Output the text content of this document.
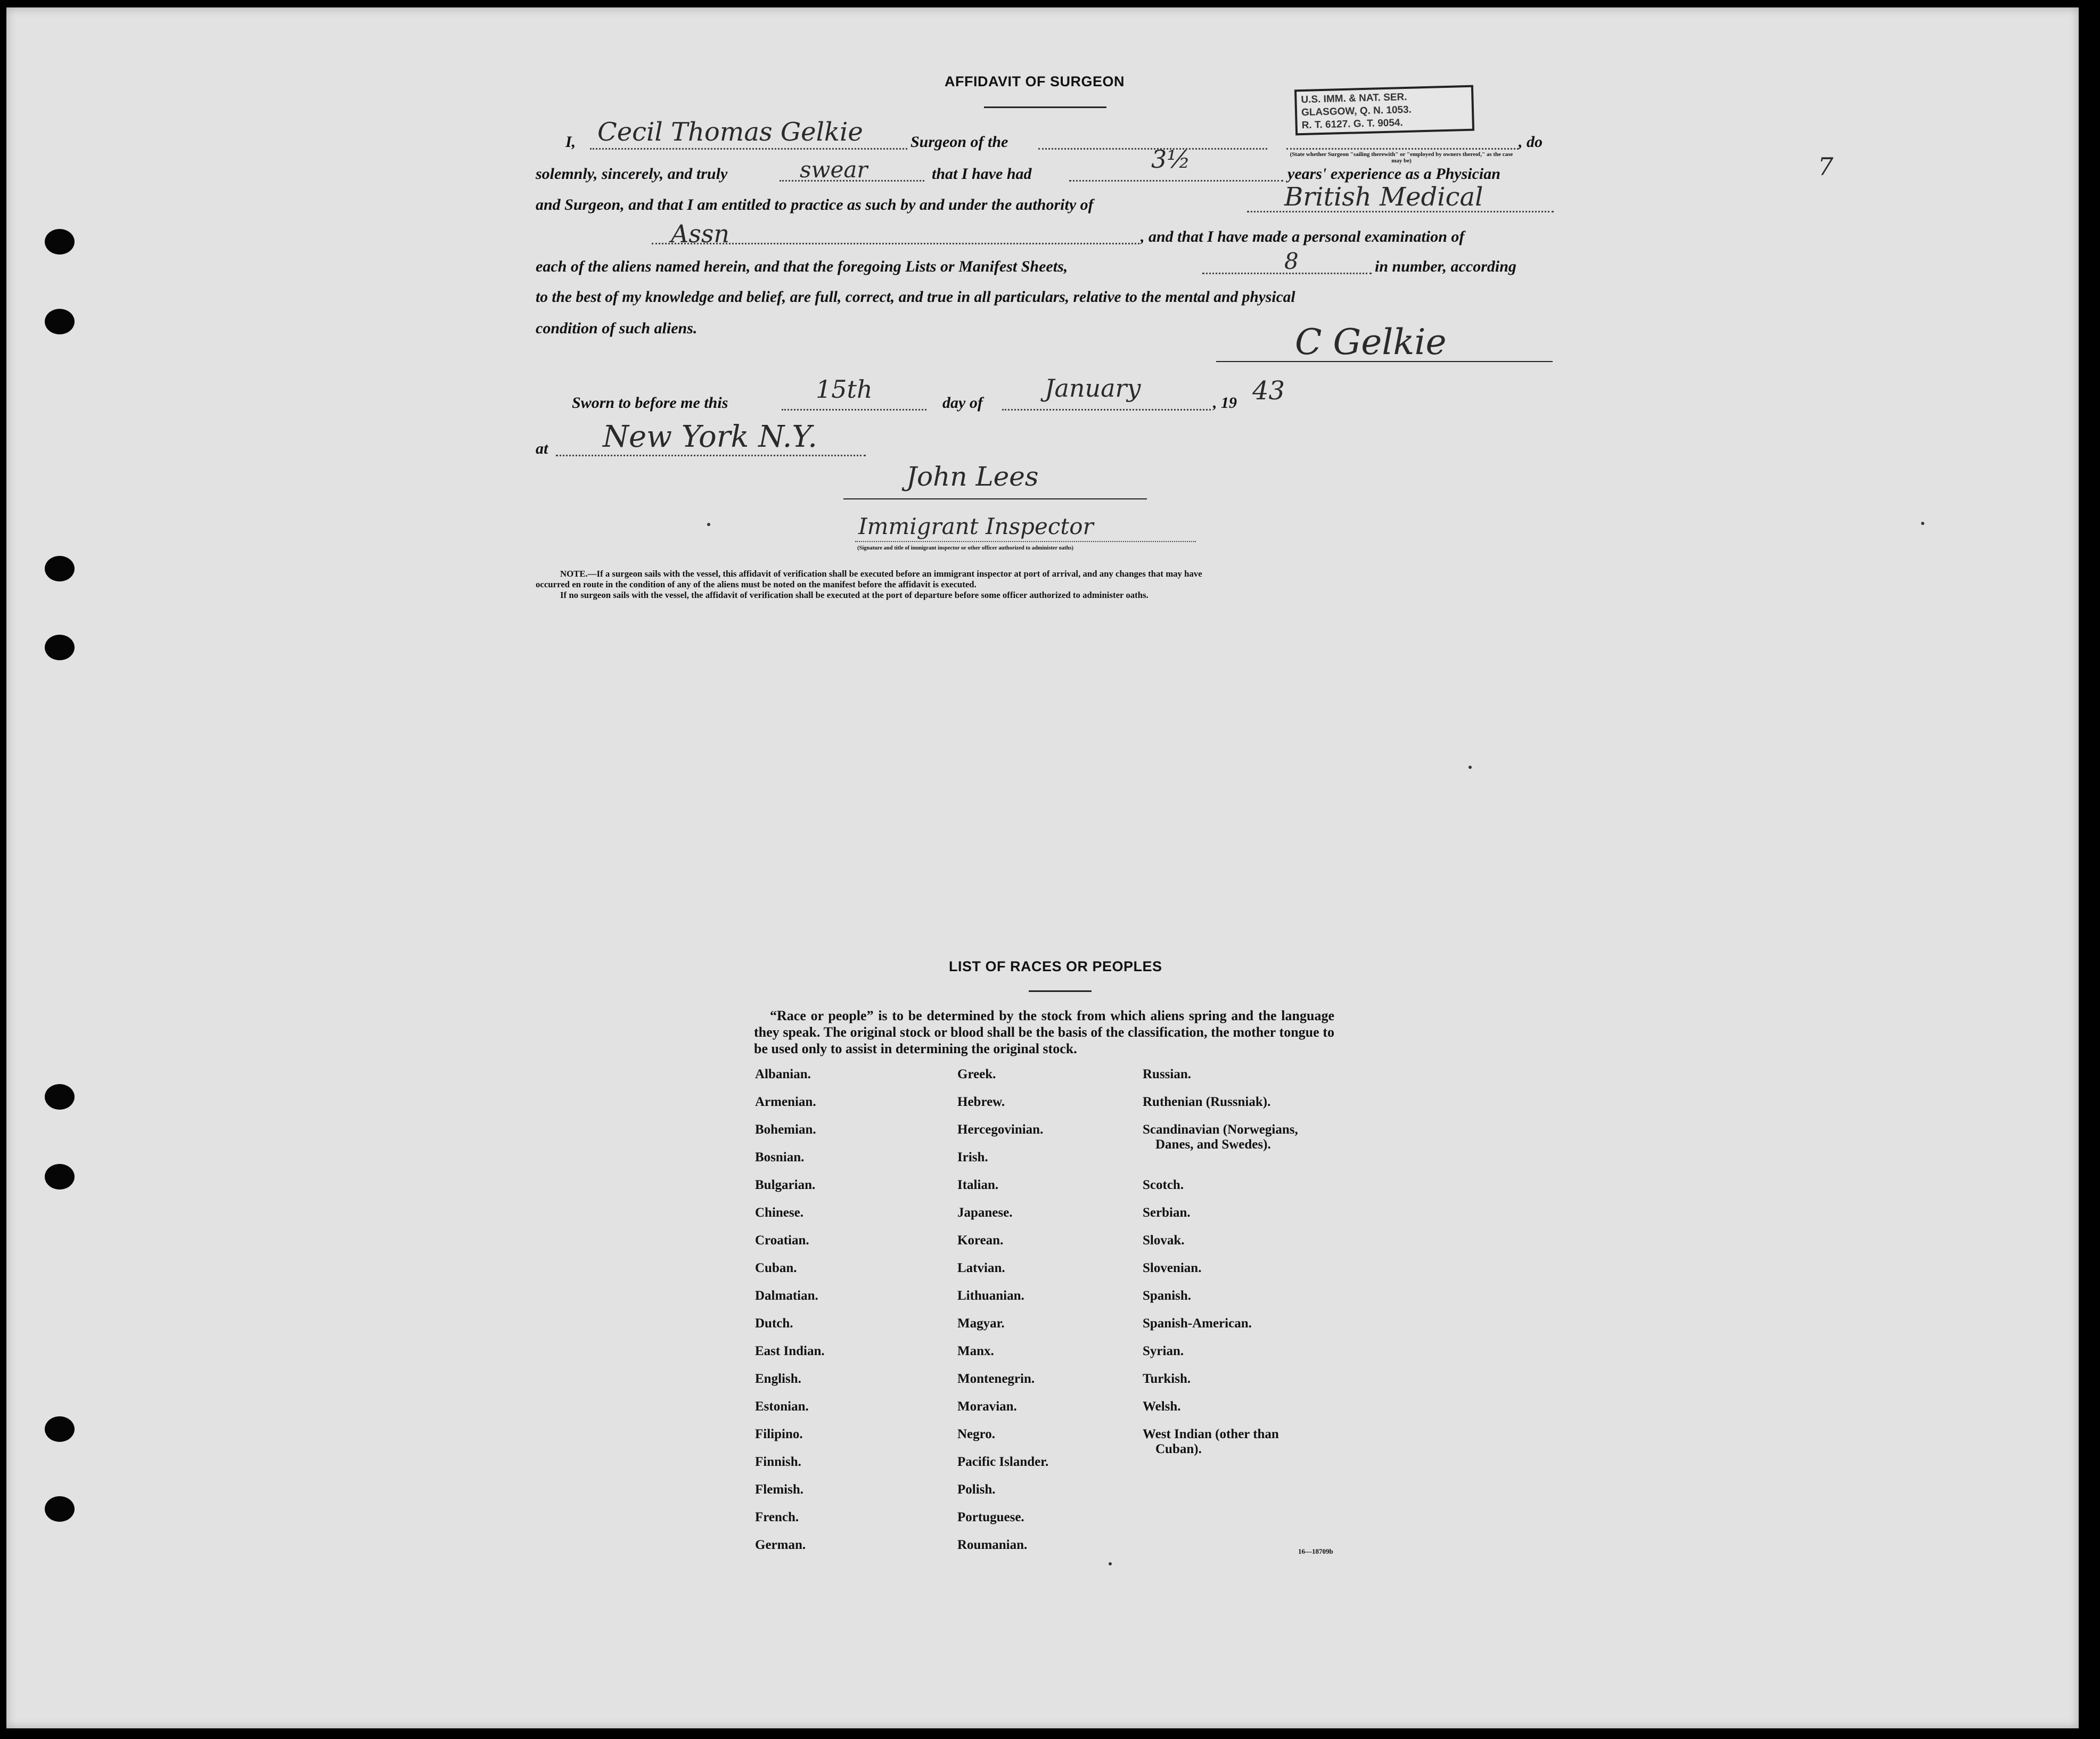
7
AFFIDAVIT OF SURGEON
U.S. IMM. & NAT. SER.
GLASGOW, Q. N. 1053.
R. T. 6127. G. T. 9054.
I, Cecil Thomas Gelkie	Surgeon of the	, do
(State whether Surgeon "sailing therewith" or "employed by owners thereof," as the case may be)
solemnly, sincerely, and truly	swear	that I have had
3½
years' experience as a Physician
and Surgeon, and that I am entitled to practice as such by and under the authority of	British Medical
Assn	, and that I have made a personal examination of
each of the aliens named herein, and that the foregoing Lists or Manifest Sheets,	8	in number, according
to the best of my knowledge and belief, are full, correct, and true in all particulars, relative to the mental and physical
condition of such aliens.	C Gelkie
Sworn to before me this	15th	day of
January
, 19 43
at New York N.Y.
John Lees
Immigrant Inspector
(Signature and title of immigrant inspector or other officer authorized to administer oaths)
NOTE.—If a surgeon sails with the vessel, this affidavit of verification shall be executed before an immigrant inspector at port of arrival, and any changes that may have
occurred en route in the condition of any of the aliens must be noted on the manifest before the affidavit is executed.
If no surgeon sails with the vessel, the affidavit of verification shall be executed at the port of departure before some officer authorized to administer oaths.
LIST OF RACES OR PEOPLES
“Race or people” is to be determined by the stock from which aliens spring and the language they speak. The original stock or blood shall be the basis of the classification, the mother tongue to be used only to assist in determining the original stock.
Albanian.
Armenian.
Bohemian.
Bosnian.
Bulgarian.
Chinese.
Croatian.
Cuban.
Dalmatian.
Dutch.
East Indian.
English.
Estonian.
Filipino.
Finnish.
Flemish.
French.
German.
Greek.
Hebrew.
Hercegovinian.
Irish.
Italian.
Japanese.
Korean.
Latvian.
Lithuanian.
Magyar.
Manx.
Montenegrin.
Moravian.
Negro.
Pacific Islander.
Polish.
Portuguese.
Roumanian.
Russian.
Ruthenian (Russniak).
Scandinavian (Norwegians,
Danes, and Swedes).
Scotch.
Serbian.
Slovak.
Slovenian.
Spanish.
Spanish-American.
Syrian.
Turkish.
Welsh.
West Indian (other than
Cuban).
16—18709b
